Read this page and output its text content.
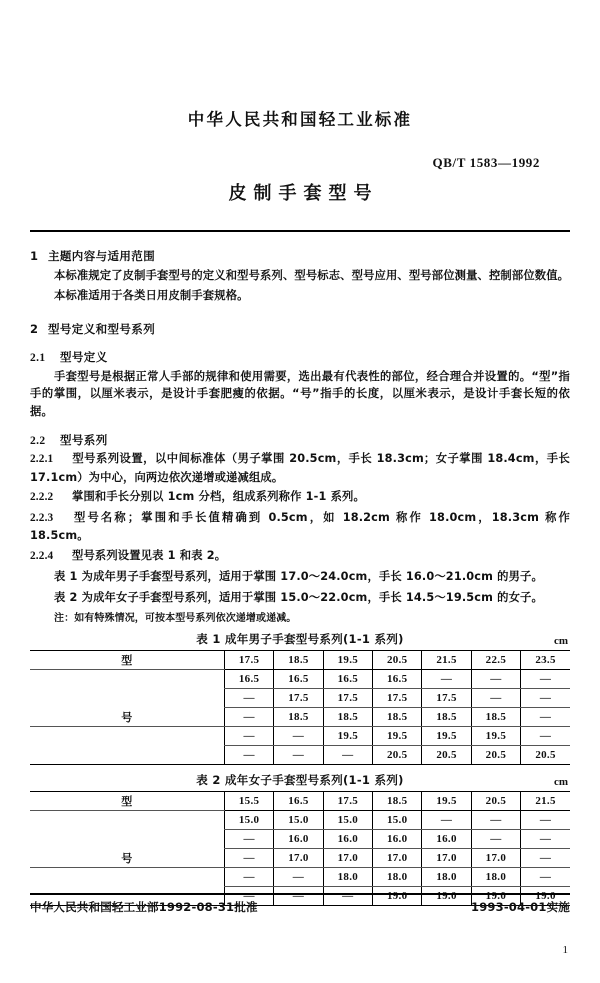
中华人民共和国轻工业标准
QB/T 1583—1992
皮制手套型号
1 主题内容与适用范围
本标准规定了皮制手套型号的定义和型号系列、型号标志、型号应用、型号部位测量、控制部位数值。
本标准适用于各类日用皮制手套规格。
2 型号定义和型号系列
2.1 型号定义
手套型号是根据正常人手部的规律和使用需要，选出最有代表性的部位，经合理合并设置的。“型”指手的掌围，以厘米表示，是设计手套肥瘦的依据。“号”指手的长度，以厘米表示，是设计手套长短的依据。
2.2 型号系列
2.2.1 型号系列设置，以中间标准体（男子掌围 20.5cm，手长 18.3cm；女子掌围 18.4cm，手长 17.1cm）为中心，向两边依次递增或递减组成。
2.2.2 掌围和手长分别以 1cm 分档，组成系列称作 1-1 系列。
2.2.3 型号名称；掌围和手长值精确到 0.5cm，如 18.2cm 称作 18.0cm，18.3cm 称作 18.5cm。
2.2.4 型号系列设置见表 1 和表 2。
表 1 为成年男子手套型号系列，适用于掌围 17.0～24.0cm，手长 16.0～21.0cm 的男子。
表 2 为成年女子手套型号系列，适用于掌围 15.0～22.0cm，手长 14.5～19.5cm 的女子。
注：如有特殊情况，可按本型号系列依次递增或递减。
表 1 成年男子手套型号系列(1-1 系列)	cm
型	17.5	18.5	19.5	20.5	21.5	22.5	23.5
	16.5	16.5	16.5	16.5	—	—	—
	—	17.5	17.5	17.5	17.5	—	—
号	—	18.5	18.5	18.5	18.5	18.5	—
	—	—	19.5	19.5	19.5	19.5	—
	—	—	—	20.5	20.5	20.5	20.5
表 2 成年女子手套型号系列(1-1 系列)	cm
型	15.5	16.5	17.5	18.5	19.5	20.5	21.5
	15.0	15.0	15.0	15.0	—	—	—
	—	16.0	16.0	16.0	16.0	—	—
号	—	17.0	17.0	17.0	17.0	17.0	—
	—	—	18.0	18.0	18.0	18.0	—
	—	—	—	19.0	19.0	19.0	19.0
中华人民共和国轻工业部1992-08-31批准	1993-04-01实施
1
